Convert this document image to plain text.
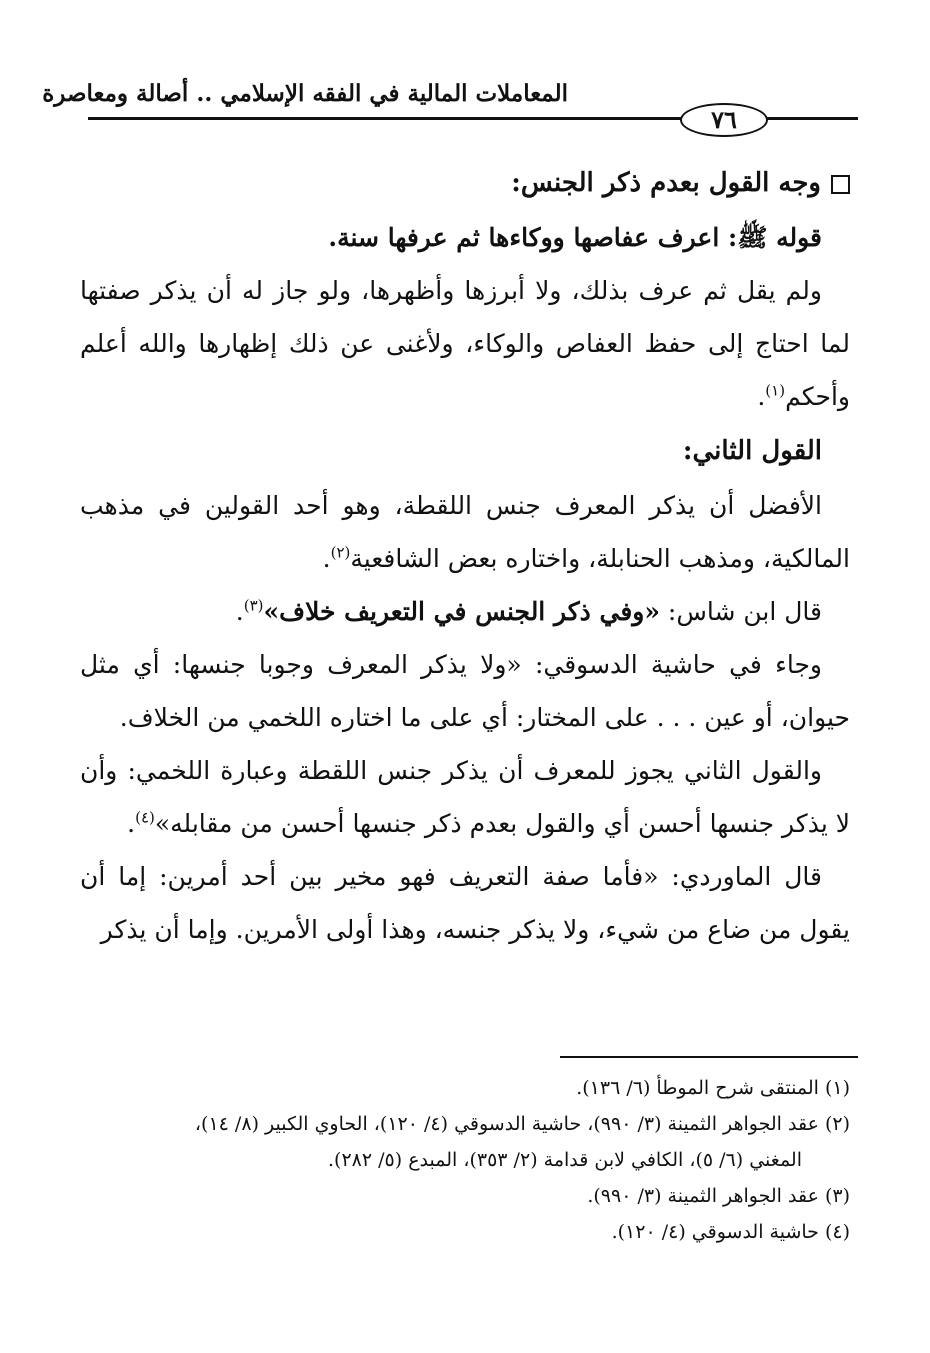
المعاملات المالية في الفقه الإسلامي .. أصالة ومعاصرة
٧٦

وجه القول بعدم ذكر الجنس:

قوله ﷺ: اعرف عفاصها ووكاءها ثم عرفها سنة.

ولم يقل ثم عرف بذلك، ولا أبرزها وأظهرها، ولو جاز له أن يذكر صفتها لما احتاج إلى حفظ العفاص والوكاء، ولأغنى عن ذلك إظهارها والله أعلم وأحكم$^{(١)}$.

القول الثاني:

الأفضل أن يذكر المعرف جنس اللقطة، وهو أحد القولين في مذهب المالكية، ومذهب الحنابلة، واختاره بعض الشافعية$^{(٢)}$.

قال ابن شاس: «وفي ذكر الجنس في التعريف خلاف»$^{(٣)}$.

وجاء في حاشية الدسوقي: «ولا يذكر المعرف وجوبا جنسها: أي مثل حيوان، أو عين . . . على المختار: أي على ما اختاره اللخمي من الخلاف.

والقول الثاني يجوز للمعرف أن يذكر جنس اللقطة وعبارة اللخمي: وأن لا يذكر جنسها أحسن أي والقول بعدم ذكر جنسها أحسن من مقابله»$^{(٤)}$.

قال الماوردي: «فأما صفة التعريف فهو مخير بين أحد أمرين: إما أن يقول من ضاع من شيء، ولا يذكر جنسه، وهذا أولى الأمرين. وإما أن يذكر

(١) المنتقى شرح الموطأ (٦/ ١٣٦).

(٢) عقد الجواهر الثمينة (٣/ ٩٩٠)، حاشية الدسوقي (٤/ ١٢٠)، الحاوي الكبير (٨/ ١٤)،

المغني (٦/ ٥)، الكافي لابن قدامة (٢/ ٣٥٣)، المبدع (٥/ ٢٨٢).

(٣) عقد الجواهر الثمينة (٣/ ٩٩٠).

(٤) حاشية الدسوقي (٤/ ١٢٠).
